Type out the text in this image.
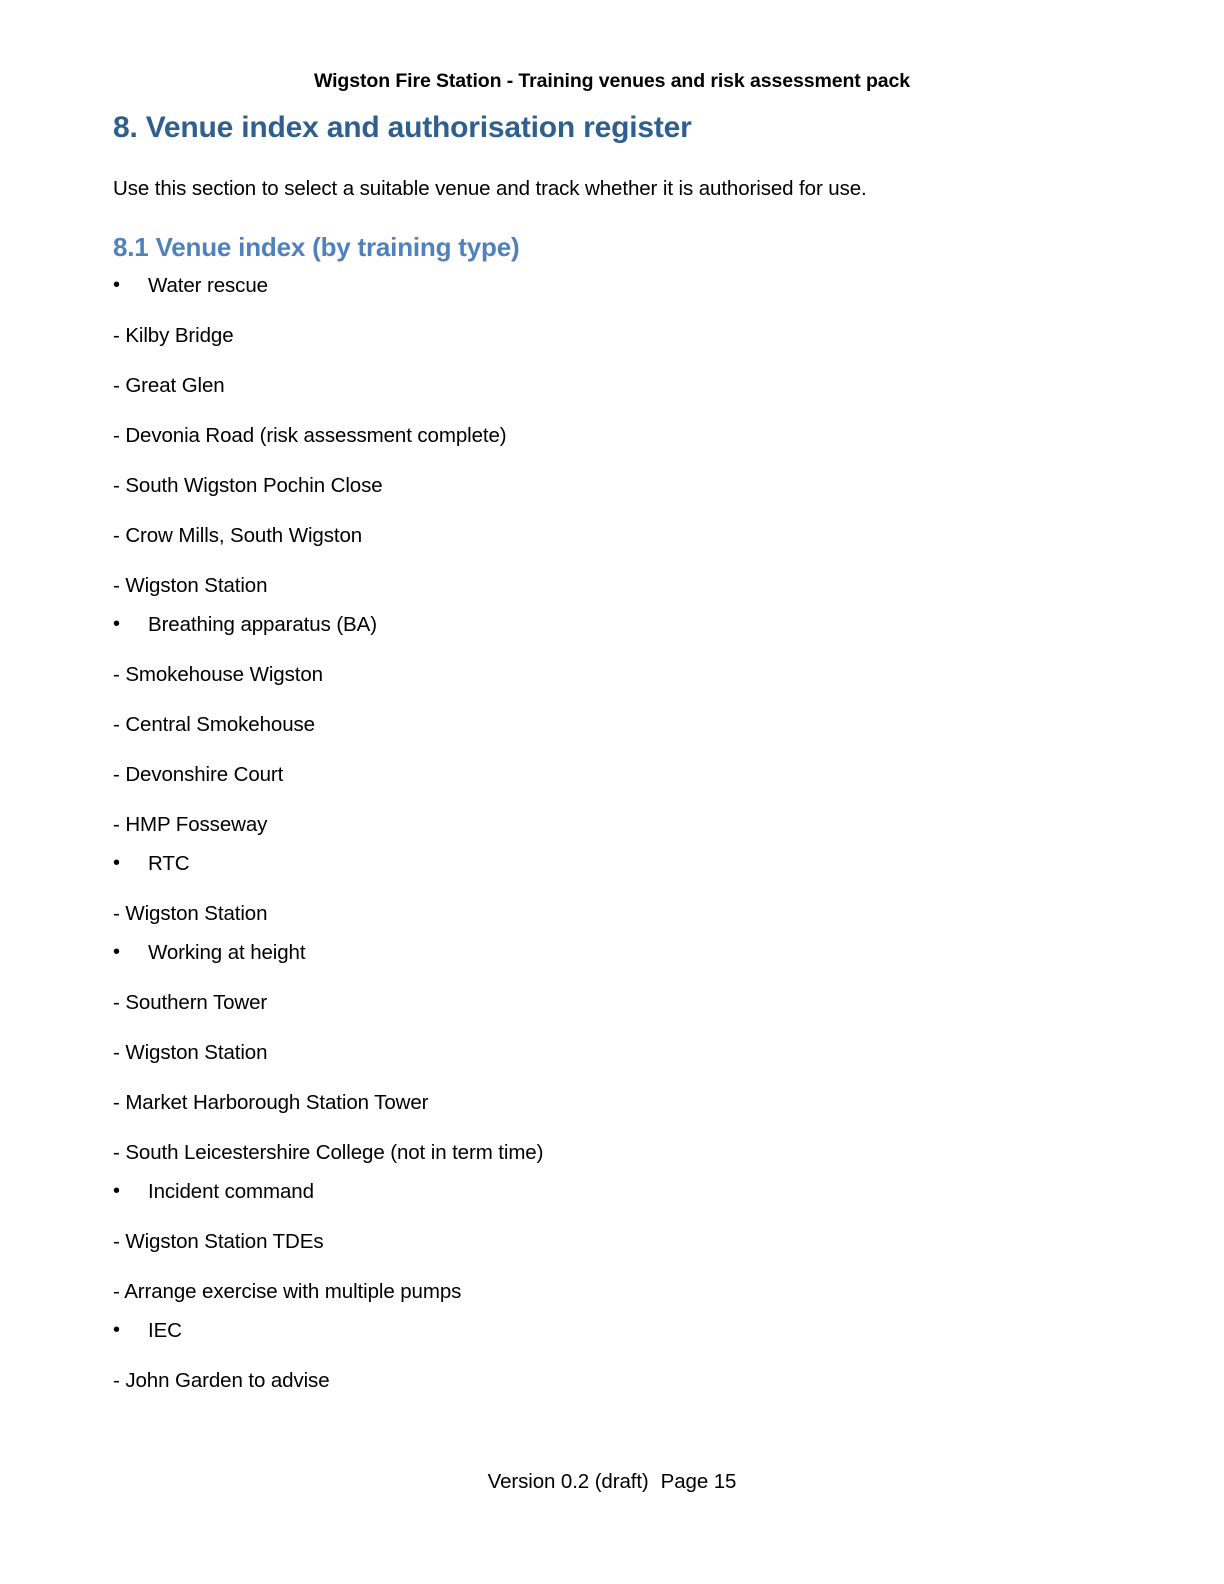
Wigston Fire Station - Training venues and risk assessment pack
8. Venue index and authorisation register

Use this section to select a suitable venue and track whether it is authorised for use.

8.1 Venue index (by training type)
• Water rescue
- Kilby Bridge
- Great Glen
- Devonia Road (risk assessment complete)
- South Wigston Pochin Close
- Crow Mills, South Wigston
- Wigston Station
• Breathing apparatus (BA)
- Smokehouse Wigston
- Central Smokehouse
- Devonshire Court
- HMP Fosseway
• RTC
- Wigston Station
• Working at height
- Southern Tower
- Wigston Station
- Market Harborough Station Tower
- South Leicestershire College (not in term time)
• Incident command
- Wigston Station TDEs
- Arrange exercise with multiple pumps
• IEC
- John Garden to advise
Version 0.2 (draft) Page 15
